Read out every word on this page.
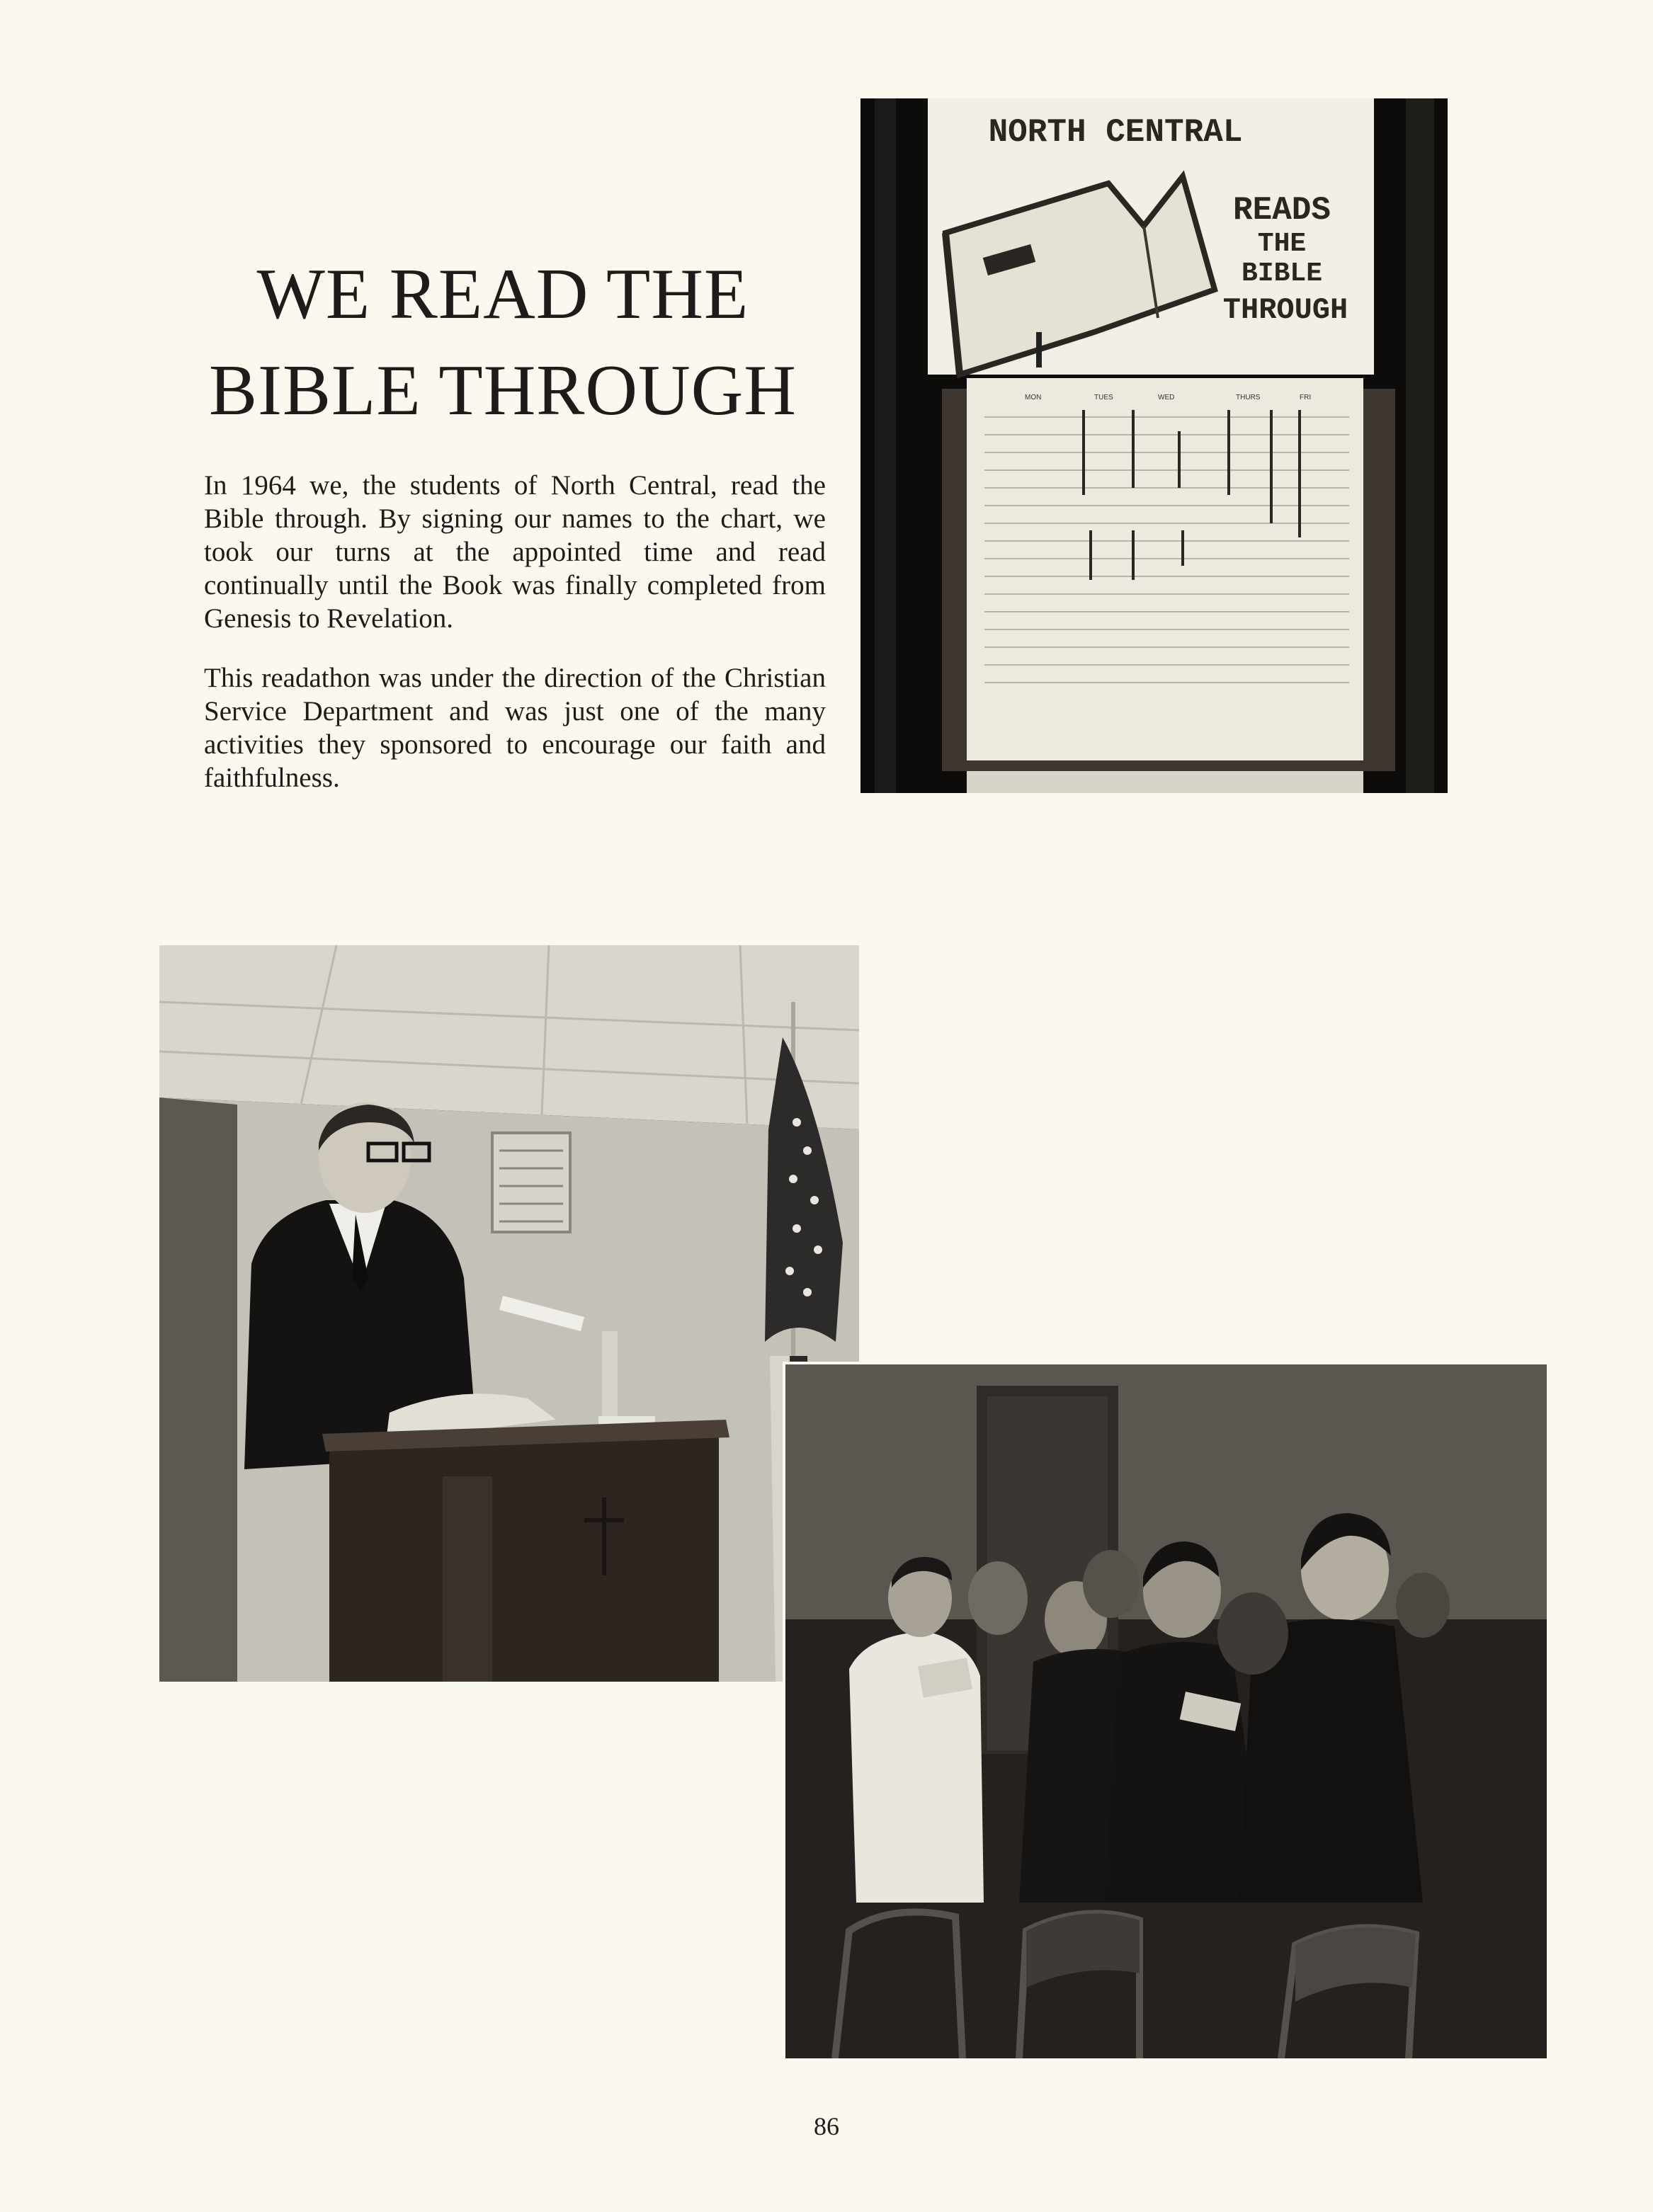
WE READ THE
BIBLE THROUGH

In 1964 we, the students of North Central, read the Bible through. By signing our names to the chart, we took our turns at the appointed time and read continually until the Book was finally completed from Genesis to Revelation.

This readathon was under the direction of the Christian Service Department and was just one of the many activities they sponsored to encourage our faith and faithfulness.

NORTH CENTRAL
READS
THE
BIBLE
THROUGH
MON	TUES	WED	THURS	FRI
86
